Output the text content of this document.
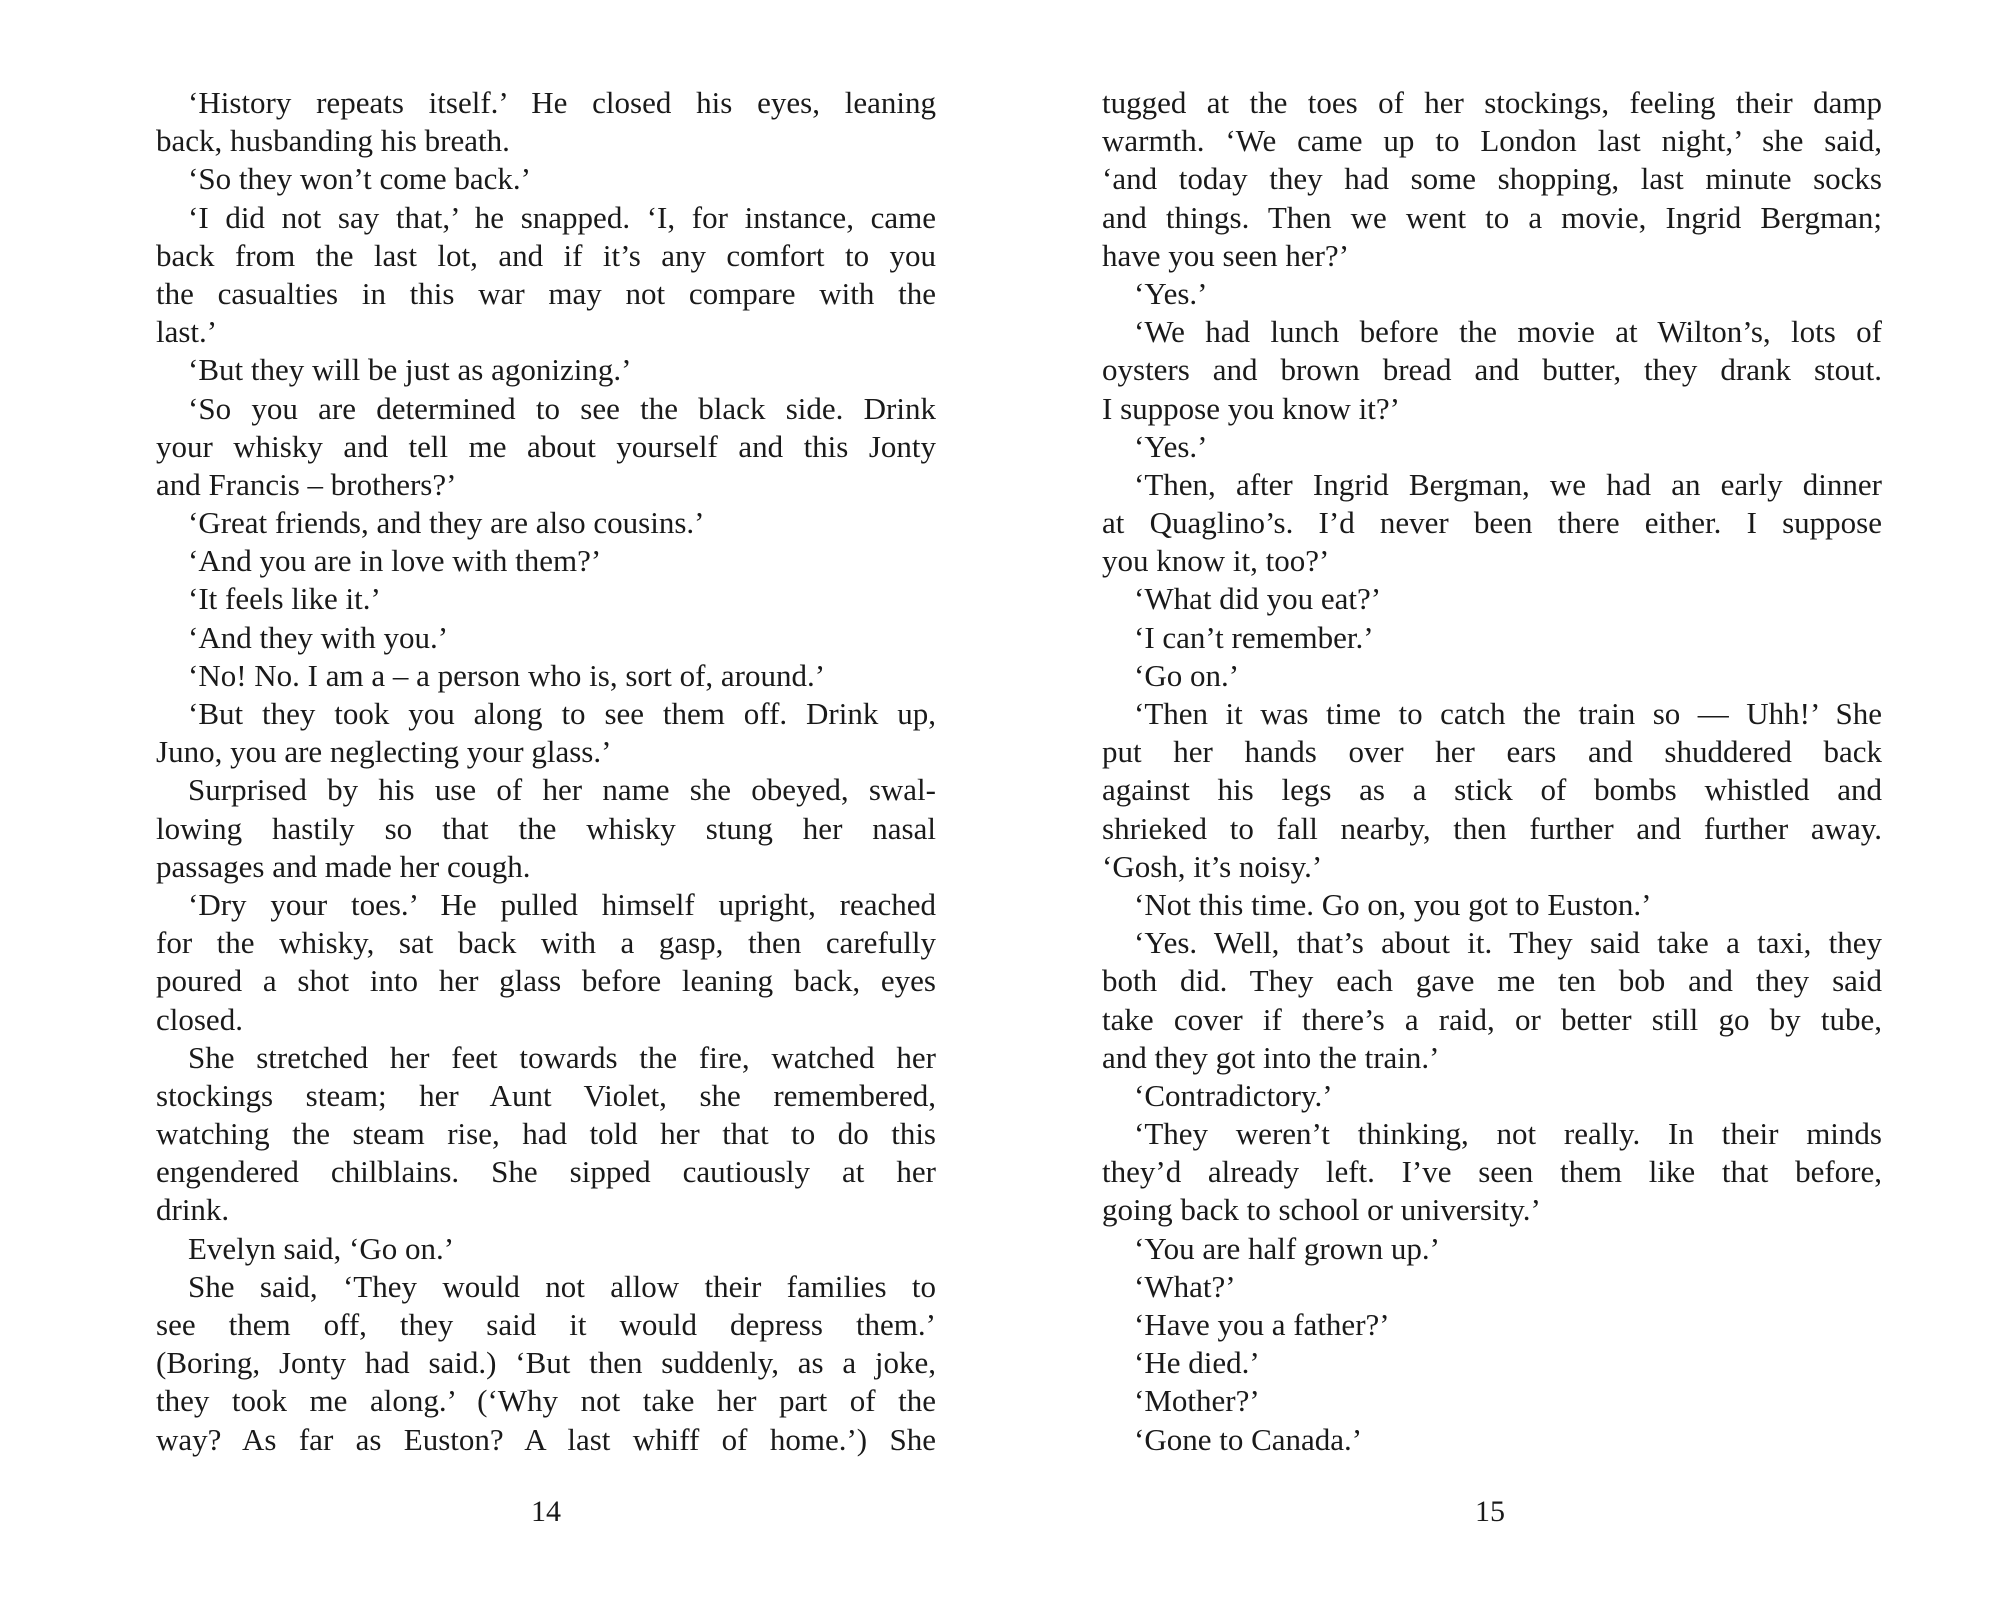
‘History repeats itself.’ He closed his eyes, leaning
back, husbanding his breath.
‘So they won’t come back.’
‘I did not say that,’ he snapped. ‘I, for instance, came
back from the last lot, and if it’s any comfort to you
the casualties in this war may not compare with the
last.’
‘But they will be just as agonizing.’
‘So you are determined to see the black side. Drink
your whisky and tell me about yourself and this Jonty
and Francis – brothers?’
‘Great friends, and they are also cousins.’
‘And you are in love with them?’
‘It feels like it.’
‘And they with you.’
‘No! No. I am a – a person who is, sort of, around.’
‘But they took you along to see them off. Drink up,
Juno, you are neglecting your glass.’
Surprised by his use of her name she obeyed, swal-
lowing hastily so that the whisky stung her nasal
passages and made her cough.
‘Dry your toes.’ He pulled himself upright, reached
for the whisky, sat back with a gasp, then carefully
poured a shot into her glass before leaning back, eyes
closed.
She stretched her feet towards the fire, watched her
stockings steam; her Aunt Violet, she remembered,
watching the steam rise, had told her that to do this
engendered chilblains. She sipped cautiously at her
drink.
Evelyn said, ‘Go on.’
She said, ‘They would not allow their families to
see them off, they said it would depress them.’
(Boring, Jonty had said.) ‘But then suddenly, as a joke,
they took me along.’ (‘Why not take her part of the
way? As far as Euston? A last whiff of home.’) She
tugged at the toes of her stockings, feeling their damp
warmth. ‘We came up to London last night,’ she said,
‘and today they had some shopping, last minute socks
and things. Then we went to a movie, Ingrid Bergman;
have you seen her?’
‘Yes.’
‘We had lunch before the movie at Wilton’s, lots of
oysters and brown bread and butter, they drank stout.
I suppose you know it?’
‘Yes.’
‘Then, after Ingrid Bergman, we had an early dinner
at Quaglino’s. I’d never been there either. I suppose
you know it, too?’
‘What did you eat?’
‘I can’t remember.’
‘Go on.’
‘Then it was time to catch the train so — Uhh!’ She
put her hands over her ears and shuddered back
against his legs as a stick of bombs whistled and
shrieked to fall nearby, then further and further away.
‘Gosh, it’s noisy.’
‘Not this time. Go on, you got to Euston.’
‘Yes. Well, that’s about it. They said take a taxi, they
both did. They each gave me ten bob and they said
take cover if there’s a raid, or better still go by tube,
and they got into the train.’
‘Contradictory.’
‘They weren’t thinking, not really. In their minds
they’d already left. I’ve seen them like that before,
going back to school or university.’
‘You are half grown up.’
‘What?’
‘Have you a father?’
‘He died.’
‘Mother?’
‘Gone to Canada.’
14	15
